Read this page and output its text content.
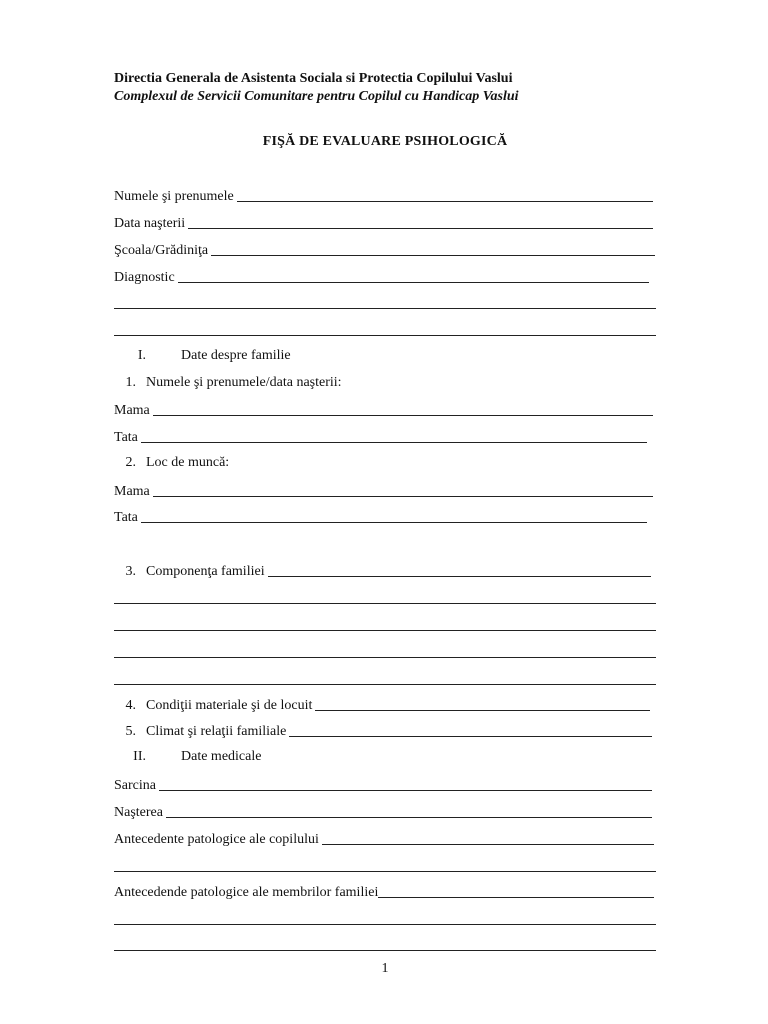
Directia Generala de Asistenta Sociala si Protectia Copilului Vaslui
Complexul de Servicii Comunitare pentru Copilul cu Handicap Vaslui
FIŞĂ DE EVALUARE PSIHOLOGICĂ
Numele şi prenumele
Data naşterii
Şcoala/Grădiniţa
Diagnostic
I.	Date despre familie
1. Numele şi prenumele/data naşterii:
Mama
Tata
2. Loc de muncă:
Mama
Tata
3. Componenţa familiei
4. Condiţii materiale şi de locuit
5. Climat şi relaţii familiale
II.	Date medicale
Sarcina
Naşterea
Antecedente patologice ale copilului
Antecedende patologice ale membrilor familiei
1
